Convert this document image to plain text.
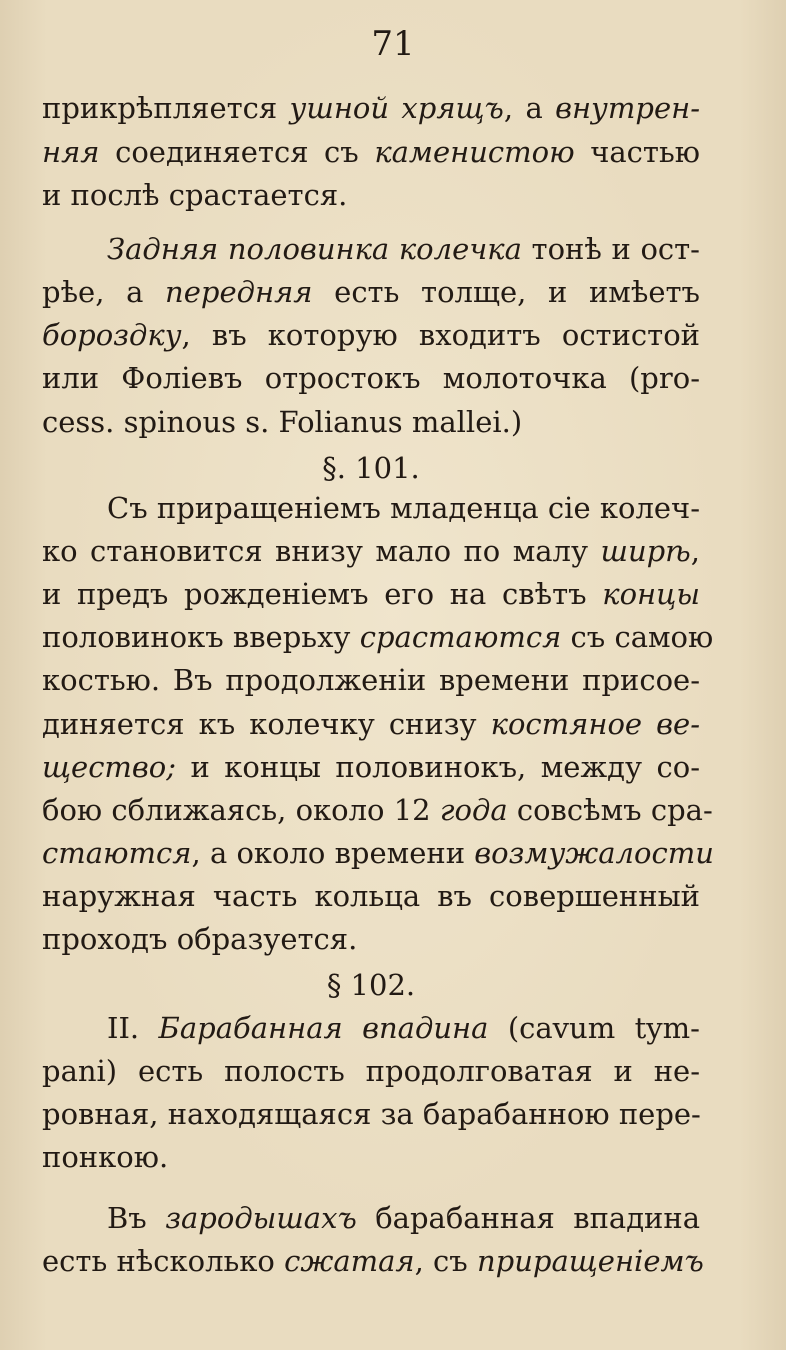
71
прикрѣпляется ушной хрящъ, а внутрен-
няя соединяется съ каменистою частью
и послѣ срастается.
Задняя половинка колечка тонѣ и ост-
рѣе, а передняя есть толще, и имѣетъ
бороздку, въ которую входитъ остистой
или Фоліевъ отростокъ молоточка (pro-
cess. spinous s. Folianus mallei.)
§. 101.
Съ приращеніемъ младенца сіе колеч-
ко становится внизу мало по малу ширѣ,
и предъ рожденіемъ его на свѣтъ концы
половинокъ вверьху срастаются съ самою
костью. Въ продолженіи времени присое-
диняется къ колечку снизу костяное ве-
щество; и концы половинокъ, между со-
бою сближаясь, около 12 года совсѣмъ сра-
стаются, а около времени возмужалости
наружная часть кольца въ совершенный
проходъ образуется.
§ 102.
II. Барабанная впадина (cavum tym-
pani) есть полость продолговатая и не-
ровная, находящаяся за барабанною пере-
понкою.
Въ зародышахъ барабанная впадина
есть нѣсколько сжатая, съ приращеніемъ
